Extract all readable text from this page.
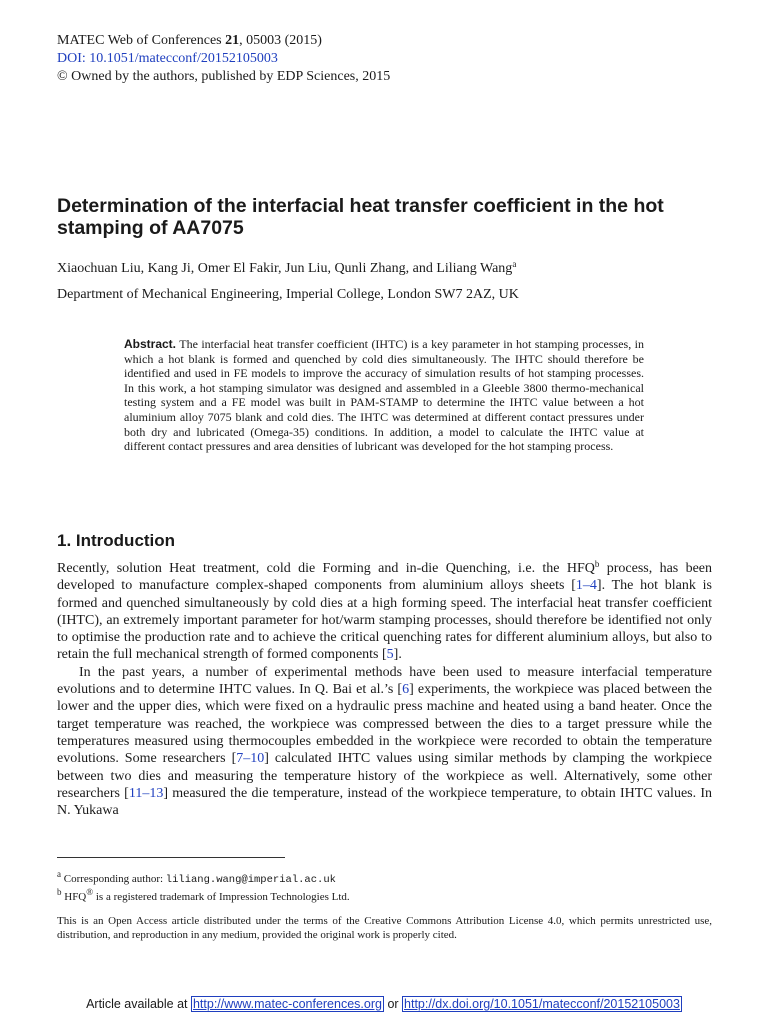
MATEC Web of Conferences 21, 05003 (2015)
DOI: 10.1051/matecconf/20152105003
© Owned by the authors, published by EDP Sciences, 2015
Determination of the interfacial heat transfer coefficient in the hot stamping of AA7075
Xiaochuan Liu, Kang Ji, Omer El Fakir, Jun Liu, Qunli Zhang, and Liliang Wang$^a$
Department of Mechanical Engineering, Imperial College, London SW7 2AZ, UK

Abstract. The interfacial heat transfer coefficient (IHTC) is a key parameter in hot stamping processes, in which a hot blank is formed and quenched by cold dies simultaneously. The IHTC should therefore be identified and used in FE models to improve the accuracy of simulation results of hot stamping processes. In this work, a hot stamping simulator was designed and assembled in a Gleeble 3800 thermo-mechanical testing system and a FE model was built in PAM-STAMP to determine the IHTC value between a hot aluminium alloy 7075 blank and cold dies. The IHTC was determined at different contact pressures under both dry and lubricated (Omega-35) conditions. In addition, a model to calculate the IHTC value at different contact pressures and area densities of lubricant was developed for the hot stamping process.

1. Introduction

Recently, solution Heat treatment, cold die Forming and in-die Quenching, i.e. the HFQ$^b$ process, has been developed to manufacture complex-shaped components from aluminium alloys sheets [1–4]. The hot blank is formed and quenched simultaneously by cold dies at a high forming speed. The interfacial heat transfer coefficient (IHTC), an extremely important parameter for hot/warm stamping processes, should therefore be identified not only to optimise the production rate and to achieve the critical quenching rates for different aluminium alloys, but also to retain the full mechanical strength of formed components [5].

In the past years, a number of experimental methods have been used to measure interfacial temperature evolutions and to determine IHTC values. In Q. Bai et al.’s [6] experiments, the workpiece was placed between the lower and the upper dies, which were fixed on a hydraulic press machine and heated using a band heater. Once the target temperature was reached, the workpiece was compressed between the dies to a target pressure while the temperatures measured using thermocouples embedded in the workpiece were recorded to obtain the temperature evolutions. Some researchers [7–10] calculated IHTC values using similar methods by clamping the workpiece between two dies and measuring the temperature history of the workpiece as well. Alternatively, some other researchers [11–13] measured the die temperature, instead of the workpiece temperature, to obtain IHTC values. In N. Yukawa

$^a$ Corresponding author: liliang.wang@imperial.ac.uk
$^b$ HFQ® is a registered trademark of Impression Technologies Ltd.
This is an Open Access article distributed under the terms of the Creative Commons Attribution License 4.0, which permits unrestricted use, distribution, and reproduction in any medium, provided the original work is properly cited.
Article available at http://www.matec-conferences.org or http://dx.doi.org/10.1051/matecconf/20152105003
